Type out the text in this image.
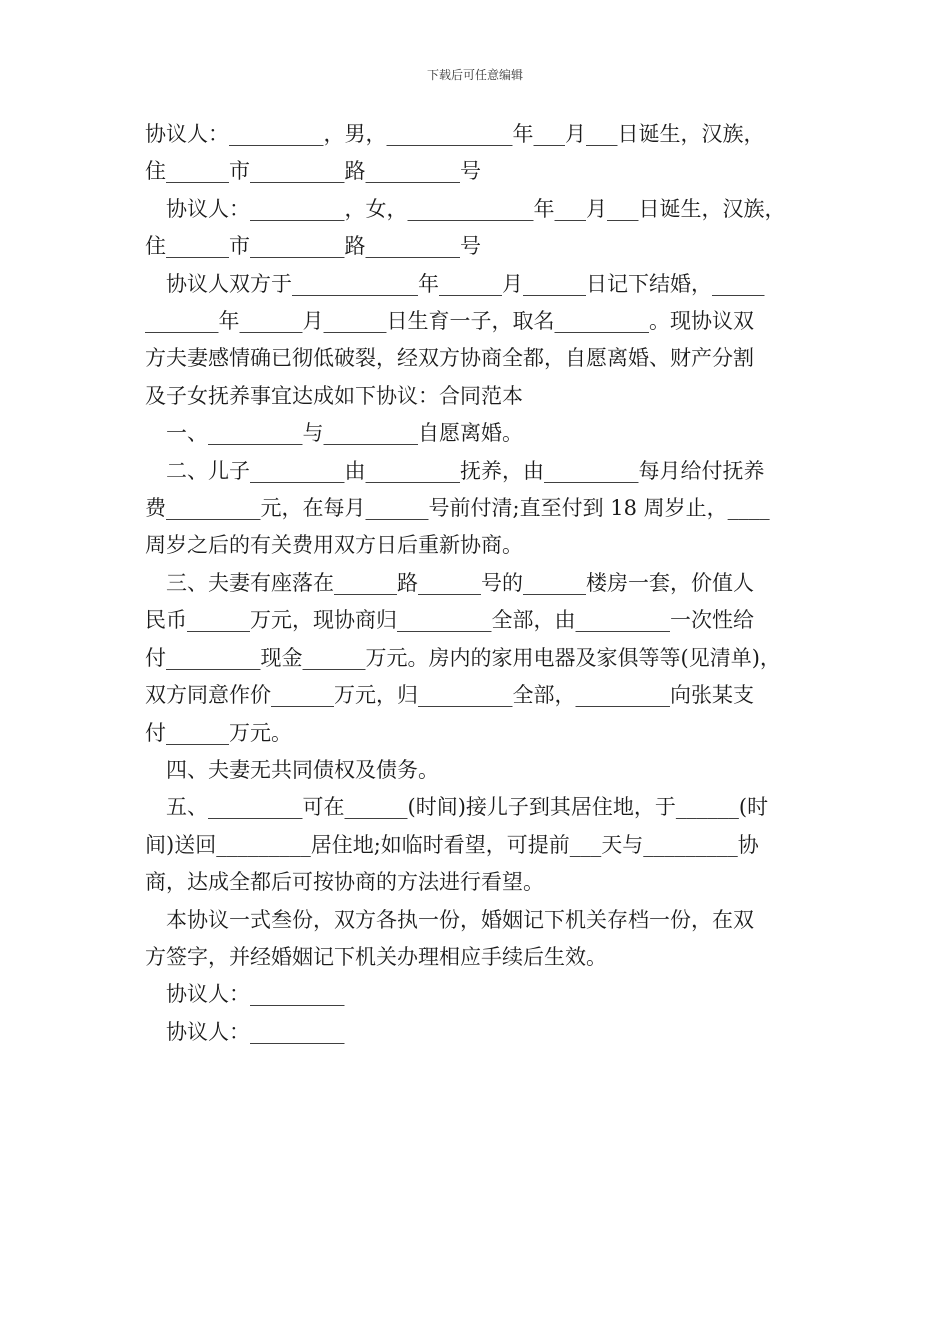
下载后可任意编辑

协议人：_________，男，____________年___月___日诞生，汉族，

住______市_________路_________号

协议人：_________，女，____________年___月___日诞生，汉族，

住______市_________路_________号

协议人双方于____________年______月______日记下结婚，_____

_______年______月______日生育一子，取名_________。现协议双

方夫妻感情确已彻低破裂，经双方协商全都，自愿离婚、财产分割

及子女抚养事宜达成如下协议：合同范本

一、_________与_________自愿离婚。

二、儿子_________由_________抚养，由_________每月给付抚养

费_________元，在每月______号前付清;直至付到 18 周岁止，____

周岁之后的有关费用双方日后重新协商。

三、夫妻有座落在______路______号的______楼房一套，价值人

民币______万元，现协商归_________全部，由_________一次性给

付_________现金______万元。房内的家用电器及家俱等等(见清单)，

双方同意作价______万元，归_________全部，_________向张某支

付______万元。

四、夫妻无共同债权及债务。

五、_________可在______(时间)接儿子到其居住地，于______(时

间)送回_________居住地;如临时看望，可提前___天与_________协

商，达成全都后可按协商的方法进行看望。

本协议一式叁份，双方各执一份，婚姻记下机关存档一份，在双

方签字，并经婚姻记下机关办理相应手续后生效。

协议人：_________

协议人：_________
